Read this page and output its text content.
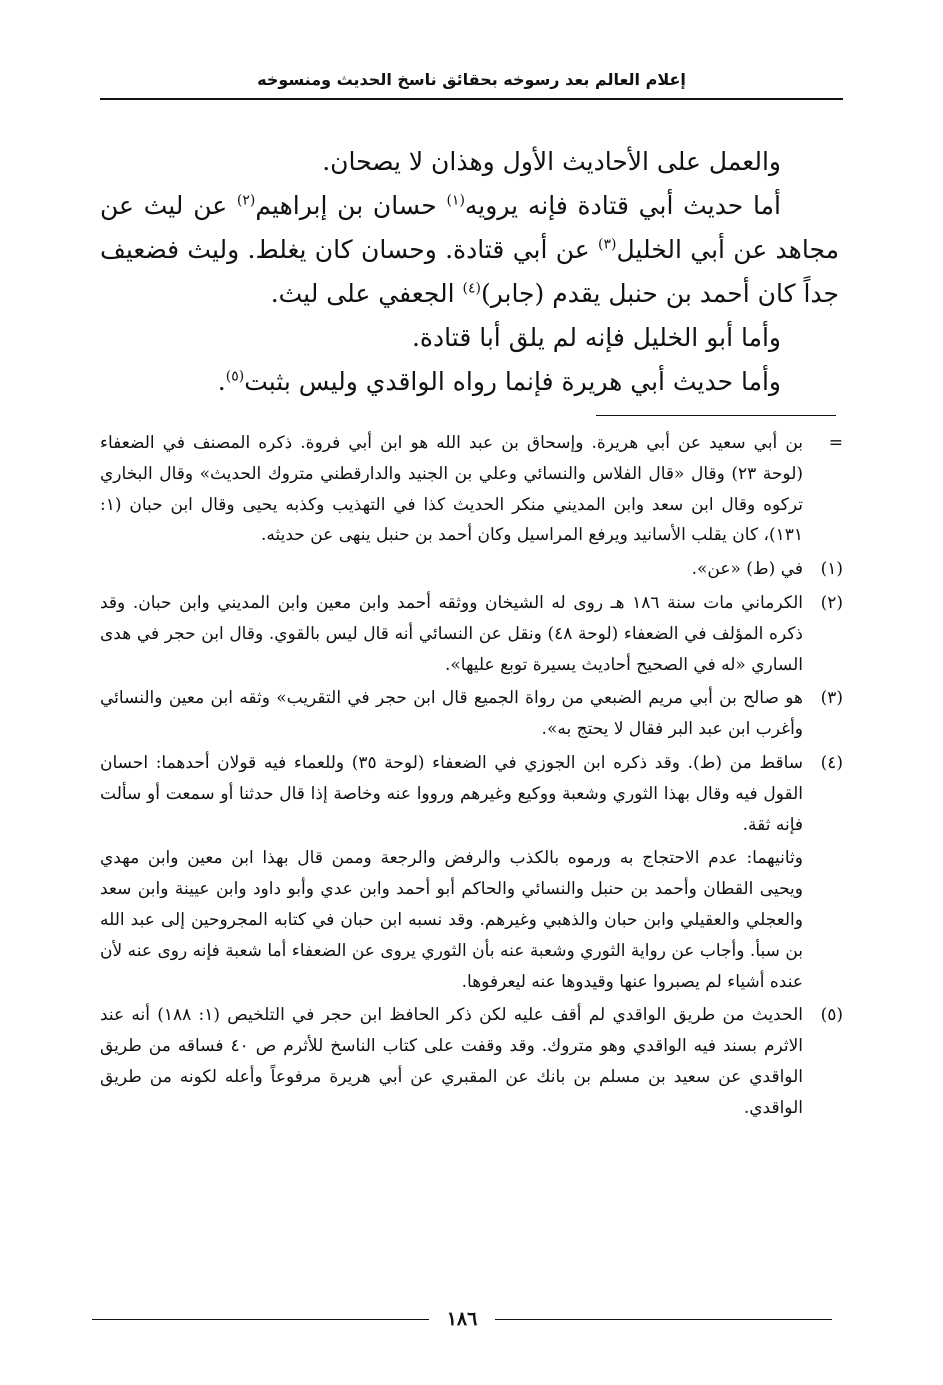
إعلام العالم بعد رسوخه بحقائق ناسخ الحديث ومنسوخه

والعمل على الأحاديث الأول وهذان لا يصحان.

أما حديث أبي قتادة فإنه يرويه$^{(١)}$ حسان بن إبراهيم$^{(٢)}$ عن ليث عن مجاهد عن أبي الخليل$^{(٣)}$ عن أبي قتادة. وحسان كان يغلط. وليث فضعيف جداً كان أحمد بن حنبل يقدم (جابر)$^{(٤)}$ الجعفي على ليث.

وأما أبو الخليل فإنه لم يلق أبا قتادة.

وأما حديث أبي هريرة فإنما رواه الواقدي وليس بثبت$^{(٥)}$.

=
بن أبي سعيد عن أبي هريرة. وإسحاق بن عبد الله هو ابن أبي فروة. ذكره المصنف في الضعفاء (لوحة ٢٣) وقال «قال الفلاس والنسائي وعلي بن الجنيد والدارقطني متروك الحديث» وقال البخاري تركوه وقال ابن سعد وابن المديني منكر الحديث كذا في التهذيب وكذبه يحيى وقال ابن حبان (١: ١٣١)، كان يقلب الأسانيد ويرفع المراسيل وكان أحمد بن حنبل ينهى عن حديثه.
(١)
في (ط) «عن».
(٢)
الكرماني مات سنة ١٨٦ هـ روى له الشيخان ووثقه أحمد وابن معين وابن المديني وابن حبان. وقد ذكره المؤلف في الضعفاء (لوحة ٤٨) ونقل عن النسائي أنه قال ليس بالقوي. وقال ابن حجر في هدى الساري «له في الصحيح أحاديث يسيرة توبع عليها».
(٣)
هو صالح بن أبي مريم الضبعي من رواة الجميع قال ابن حجر في التقريب» وثقه ابن معين والنسائي وأغرب ابن عبد البر فقال لا يحتج به».
(٤)
ساقط من (ط). وقد ذكره ابن الجوزي في الضعفاء (لوحة ٣٥) وللعماء فيه قولان أحدهما: احسان القول فيه وقال بهذا الثوري وشعبة ووكيع وغيرهم ورووا عنه وخاصة إذا قال حدثنا أو سمعت أو سألت فإنه ثقة.
وثانيهما: عدم الاحتجاج به ورموه بالكذب والرفض والرجعة وممن قال بهذا ابن معين وابن مهدي ويحيى القطان وأحمد بن حنبل والنسائي والحاكم أبو أحمد وابن عدي وأبو داود وابن عيينة وابن سعد والعجلي والعقيلي وابن حبان والذهبي وغيرهم. وقد نسبه ابن حبان في كتابه المجروحين إلى عبد الله بن سبأ. وأجاب عن رواية الثوري وشعبة عنه بأن الثوري يروى عن الضعفاء أما شعبة فإنه روى عنه لأن عنده أشياء لم يصبروا عنها وقيدوها عنه ليعرفوها.
(٥)
الحديث من طريق الواقدي لم أقف عليه لكن ذكر الحافظ ابن حجر في التلخيص (١: ١٨٨) أنه عند الاثرم بسند فيه الواقدي وهو متروك. وقد وقفت على كتاب الناسخ للأثرم ص ٤٠ فساقه من طريق الواقدي عن سعيد بن مسلم بن بانك عن المقبري عن أبي هريرة مرفوعاً وأعله لكونه من طريق الواقدي.
١٨٦
